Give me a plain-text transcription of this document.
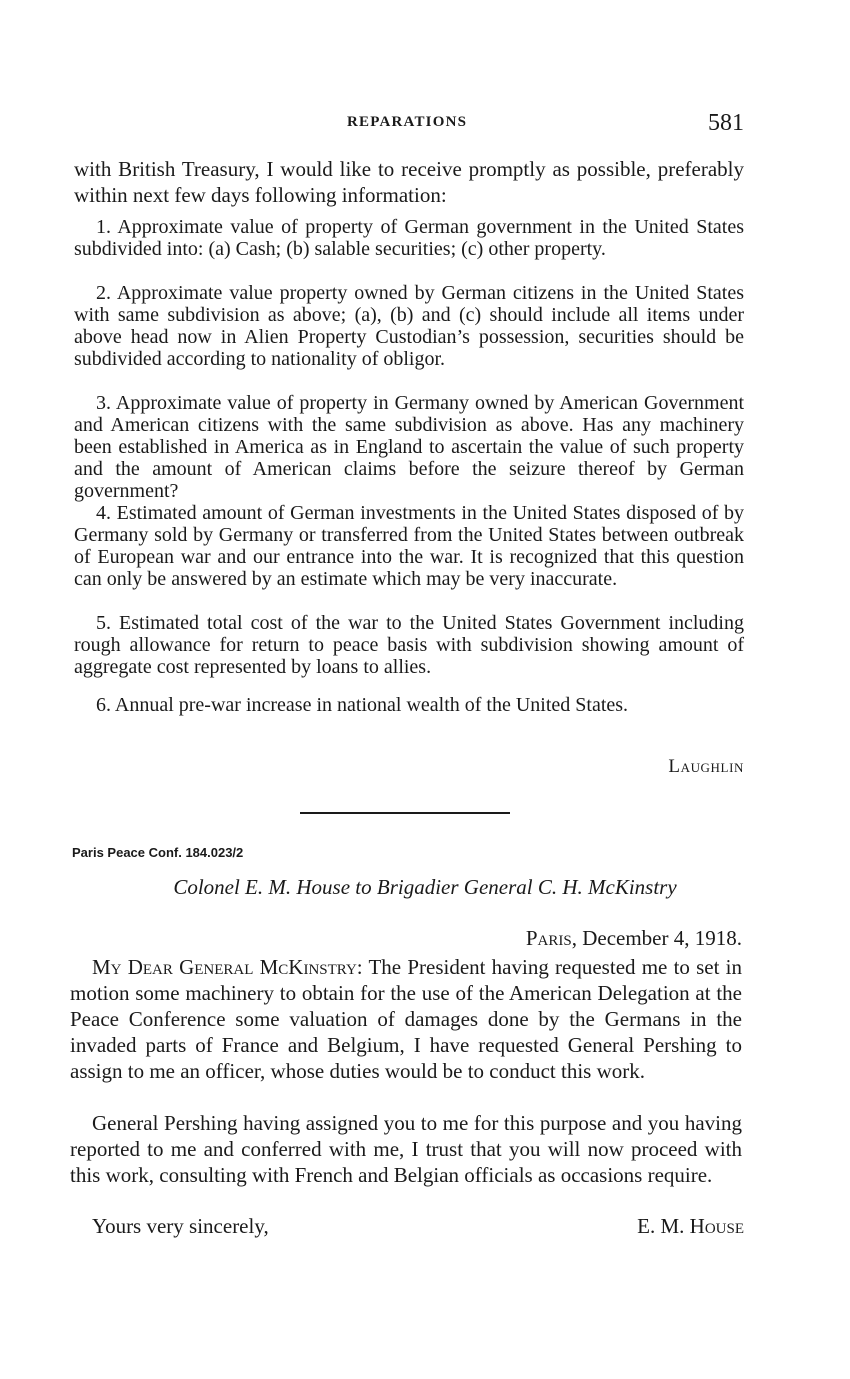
REPARATIONS	581

with British Treasury, I would like to receive promptly as possible, preferably within next few days following information:

1. Approximate value of property of German government in the United States subdivided into: (a) Cash; (b) salable securities; (c) other property.

2. Approximate value property owned by German citizens in the United States with same subdivision as above; (a), (b) and (c) should include all items under above head now in Alien Property Custodian’s possession, securities should be subdivided according to nationality of obligor.

3. Approximate value of property in Germany owned by American Government and American citizens with the same subdivision as above. Has any machinery been established in America as in England to ascertain the value of such property and the amount of American claims before the seizure thereof by German government?

4. Estimated amount of German investments in the United States disposed of by Germany sold by Germany or transferred from the United States between outbreak of European war and our entrance into the war. It is recognized that this question can only be answered by an estimate which may be very inaccurate.

5. Estimated total cost of the war to the United States Government including rough allowance for return to peace basis with subdivision showing amount of aggregate cost represented by loans to allies.

6. Annual pre-war increase in national wealth of the United States.

Laughlin
Paris Peace Conf. 184.023/2
Colonel E. M. House to Brigadier General C. H. McKinstry
Paris, December 4, 1918.

My Dear General McKinstry: The President having requested me to set in motion some machinery to obtain for the use of the American Delegation at the Peace Conference some valuation of damages done by the Germans in the invaded parts of France and Belgium, I have requested General Pershing to assign to me an officer, whose duties would be to conduct this work.

General Pershing having assigned you to me for this purpose and you having reported to me and conferred with me, I trust that you will now proceed with this work, consulting with French and Belgian officials as occasions require.

Yours very sincerely,	E. M. House
